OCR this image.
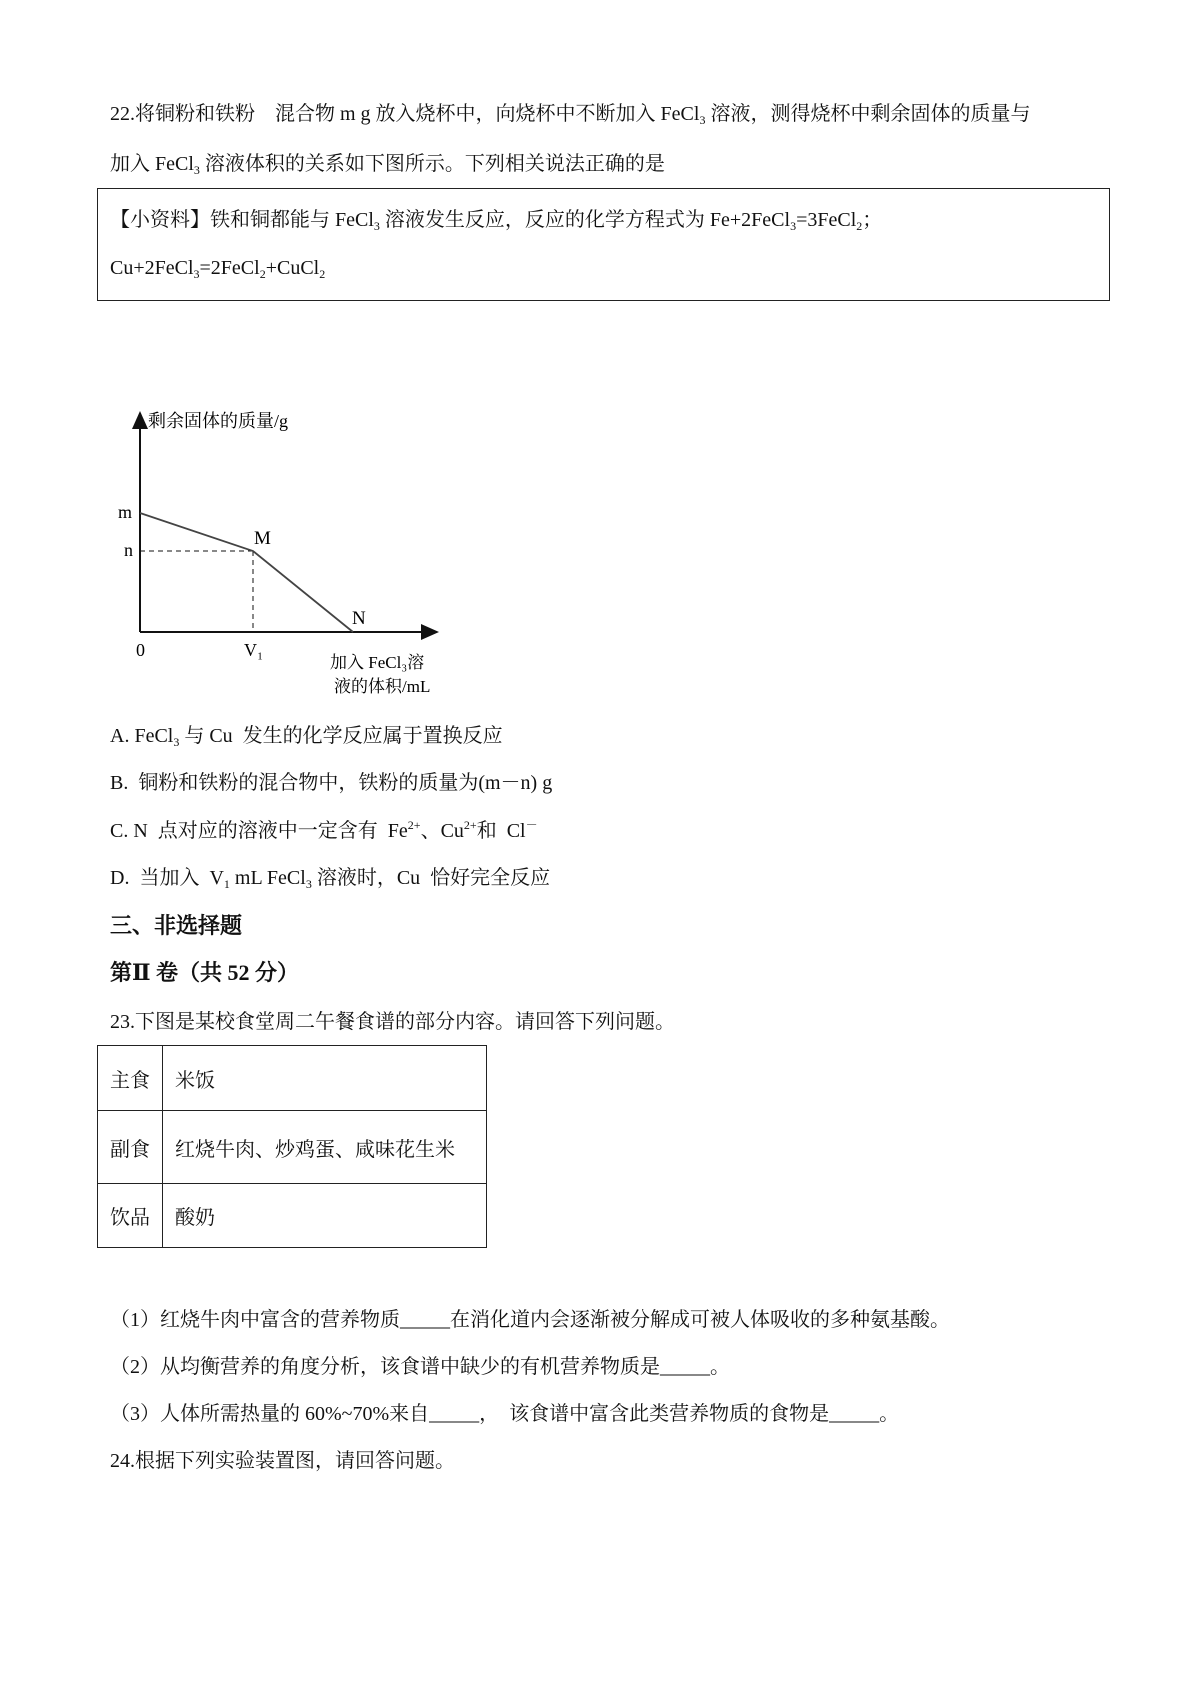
22.将铜粉和铁粉　混合物 m g 放入烧杯中，向烧杯中不断加入 FeCl$_3$ 溶液，测得烧杯中剩余固体的质量与
加入 FeCl$_3$ 溶液体积的关系如下图所示。下列相关说法正确的是
【小资料】铁和铜都能与 FeCl$_3$ 溶液发生反应，反应的化学方程式为 Fe+2FeCl$_3$=3FeCl$_2$；
Cu+2FeCl$_3$=2FeCl$_2$+CuCl$_2$
剩余固体的质量/g
m
n
M
N
0	V₁
加入 FeCl₃溶
液的体积/mL
A. FeCl$_3$ 与 Cu  发生的化学反应属于置换反应
B.  铜粉和铁粉的混合物中，铁粉的质量为(m－n) g
C. N  点对应的溶液中一定含有  $Fe^{2+}$、$Cu^{2+}$和  Cl－
D.  当加入  $V_1$ mL FeCl$_3$ 溶液时，Cu  恰好完全反应
三、非选择题
第Ⅱ 卷（共 52 分）
23.下图是某校食堂周二午餐食谱的部分内容。请回答下列问题。
主食	米饭
副食	红烧牛肉、炒鸡蛋、咸味花生米
饮品	酸奶
（1）红烧牛肉中富含的营养物质_____在消化道内会逐渐被分解成可被人体吸收的多种氨基酸。
（2）从均衡营养的角度分析，该食谱中缺少的有机营养物质是_____。
（3）人体所需热量的 60%~70%来自_____，  该食谱中富含此类营养物质的食物是_____。
24.根据下列实验装置图，请回答问题。
